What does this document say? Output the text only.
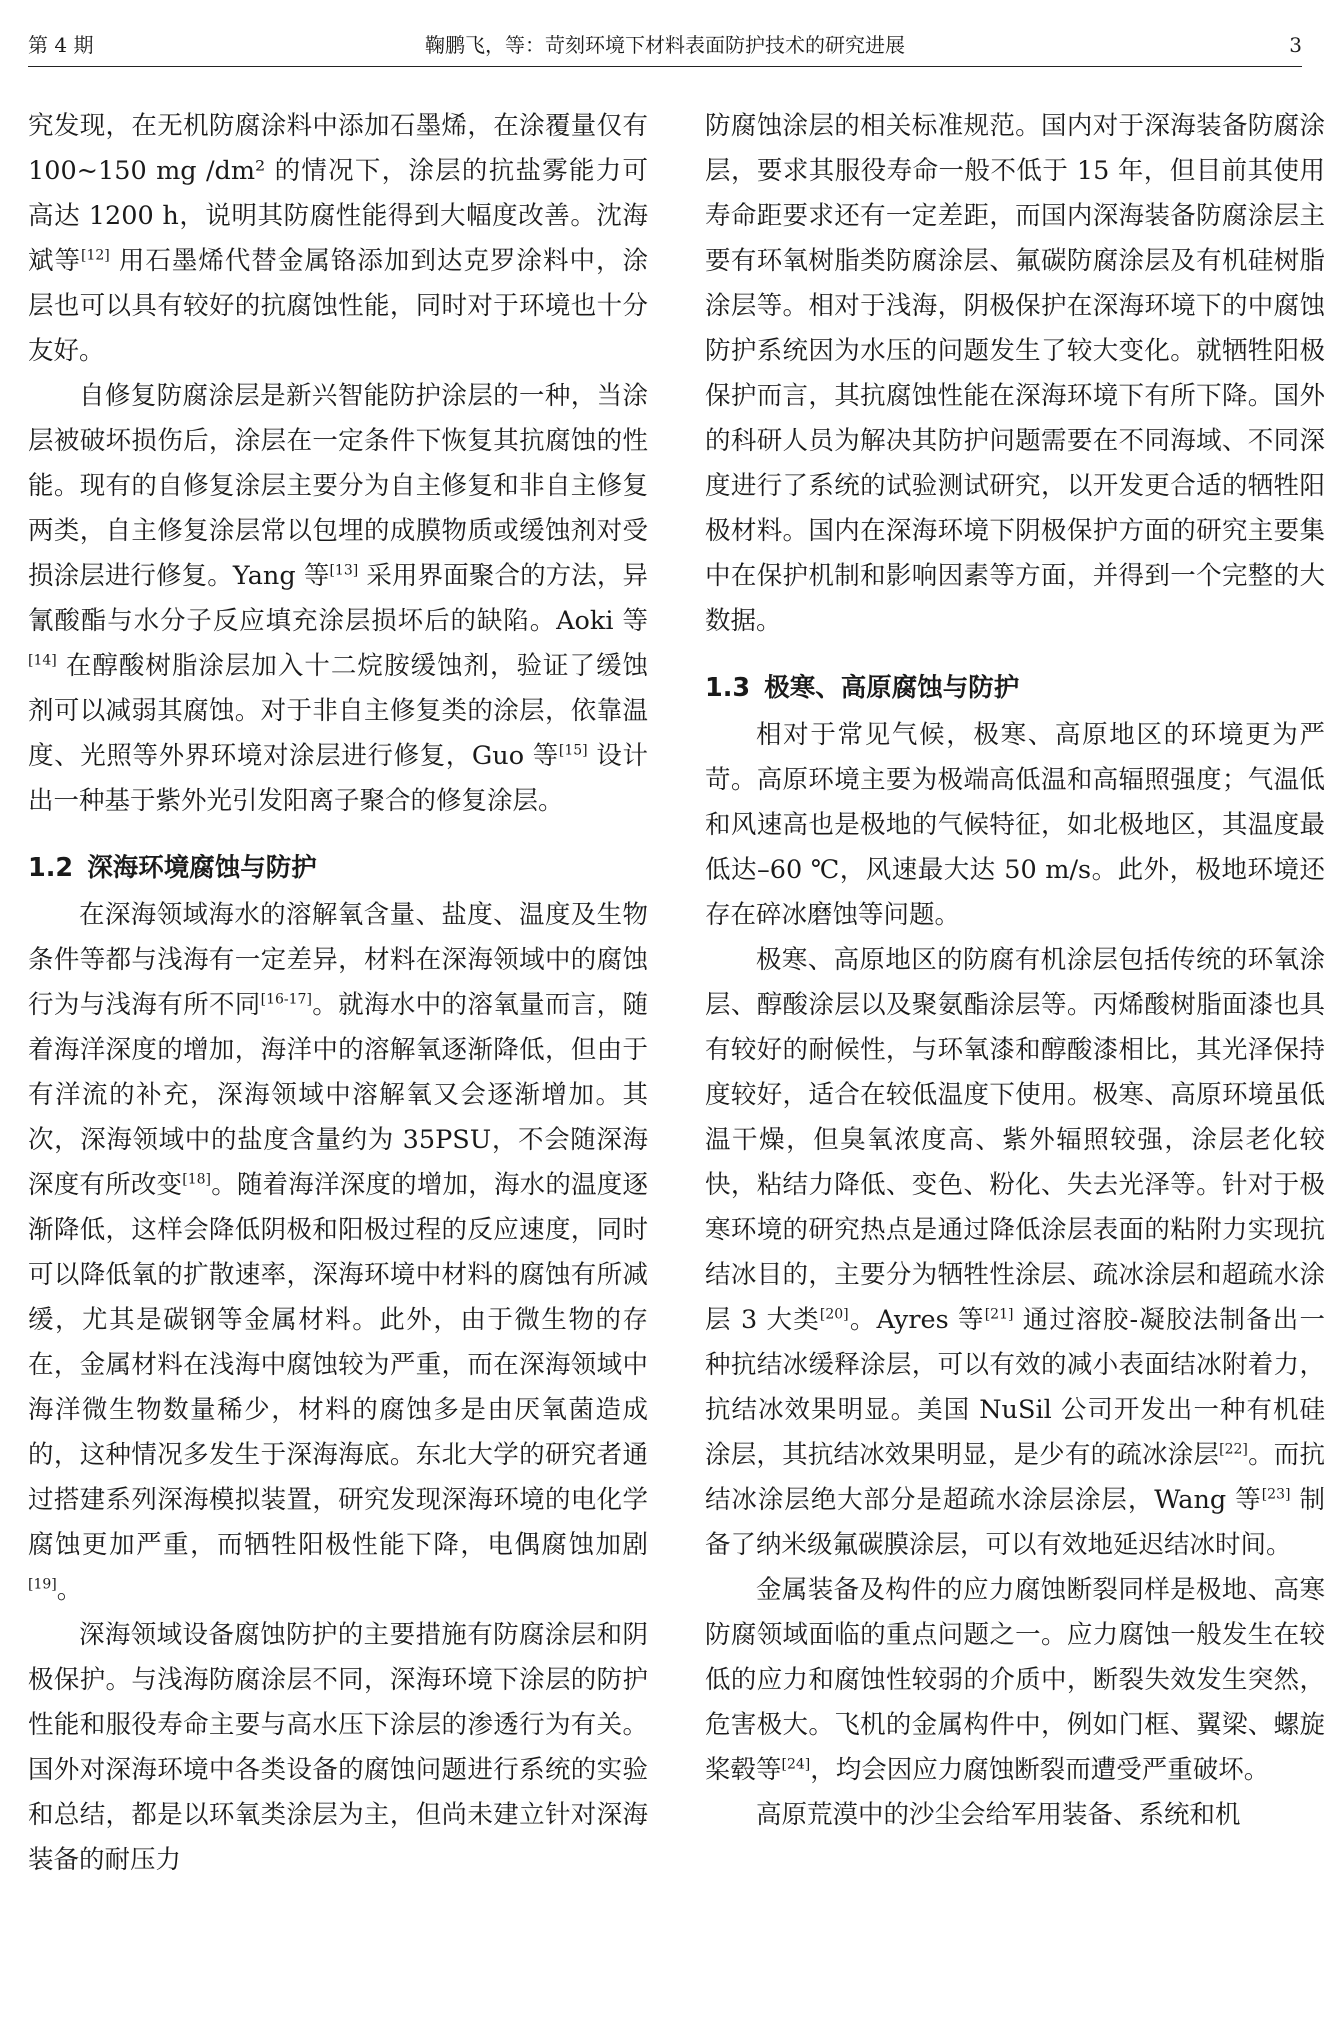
第 4 期	鞠鹏飞，等：苛刻环境下材料表面防护技术的研究进展	3

究发现，在无机防腐涂料中添加石墨烯，在涂覆量仅有 100~150 mg /dm² 的情况下，涂层的抗盐雾能力可高达 1200 h，说明其防腐性能得到大幅度改善。沈海斌等[12] 用石墨烯代替金属铬添加到达克罗涂料中，涂层也可以具有较好的抗腐蚀性能，同时对于环境也十分友好。

自修复防腐涂层是新兴智能防护涂层的一种，当涂层被破坏损伤后，涂层在一定条件下恢复其抗腐蚀的性能。现有的自修复涂层主要分为自主修复和非自主修复两类，自主修复涂层常以包埋的成膜物质或缓蚀剂对受损涂层进行修复。Yang 等[13] 采用界面聚合的方法，异氰酸酯与水分子反应填充涂层损坏后的缺陷。Aoki 等[14] 在醇酸树脂涂层加入十二烷胺缓蚀剂，验证了缓蚀剂可以减弱其腐蚀。对于非自主修复类的涂层，依靠温度、光照等外界环境对涂层进行修复，Guo 等[15] 设计出一种基于紫外光引发阳离子聚合的修复涂层。

1.2 深海环境腐蚀与防护

在深海领域海水的溶解氧含量、盐度、温度及生物条件等都与浅海有一定差异，材料在深海领域中的腐蚀行为与浅海有所不同[16-17]。就海水中的溶氧量而言，随着海洋深度的增加，海洋中的溶解氧逐渐降低，但由于有洋流的补充，深海领域中溶解氧又会逐渐增加。其次，深海领域中的盐度含量约为 35PSU，不会随深海深度有所改变[18]。随着海洋深度的增加，海水的温度逐渐降低，这样会降低阴极和阳极过程的反应速度，同时可以降低氧的扩散速率，深海环境中材料的腐蚀有所减缓，尤其是碳钢等金属材料。此外，由于微生物的存在，金属材料在浅海中腐蚀较为严重，而在深海领域中海洋微生物数量稀少，材料的腐蚀多是由厌氧菌造成的，这种情况多发生于深海海底。东北大学的研究者通过搭建系列深海模拟装置，研究发现深海环境的电化学腐蚀更加严重，而牺牲阳极性能下降，电偶腐蚀加剧[19]。

深海领域设备腐蚀防护的主要措施有防腐涂层和阴极保护。与浅海防腐涂层不同，深海环境下涂层的防护性能和服役寿命主要与高水压下涂层的渗透行为有关。国外对深海环境中各类设备的腐蚀问题进行系统的实验和总结，都是以环氧类涂层为主，但尚未建立针对深海装备的耐压力

防腐蚀涂层的相关标准规范。国内对于深海装备防腐涂层，要求其服役寿命一般不低于 15 年，但目前其使用寿命距要求还有一定差距，而国内深海装备防腐涂层主要有环氧树脂类防腐涂层、氟碳防腐涂层及有机硅树脂涂层等。相对于浅海，阴极保护在深海环境下的中腐蚀防护系统因为水压的问题发生了较大变化。就牺牲阳极保护而言，其抗腐蚀性能在深海环境下有所下降。国外的科研人员为解决其防护问题需要在不同海域、不同深度进行了系统的试验测试研究，以开发更合适的牺牲阳极材料。国内在深海环境下阴极保护方面的研究主要集中在保护机制和影响因素等方面，并得到一个完整的大数据。

1.3 极寒、高原腐蚀与防护

相对于常见气候，极寒、高原地区的环境更为严苛。高原环境主要为极端高低温和高辐照强度；气温低和风速高也是极地的气候特征，如北极地区，其温度最低达–60 ℃，风速最大达 50 m/s。此外，极地环境还存在碎冰磨蚀等问题。

极寒、高原地区的防腐有机涂层包括传统的环氧涂层、醇酸涂层以及聚氨酯涂层等。丙烯酸树脂面漆也具有较好的耐候性，与环氧漆和醇酸漆相比，其光泽保持度较好，适合在较低温度下使用。极寒、高原环境虽低温干燥，但臭氧浓度高、紫外辐照较强，涂层老化较快，粘结力降低、变色、粉化、失去光泽等。针对于极寒环境的研究热点是通过降低涂层表面的粘附力实现抗结冰目的，主要分为牺牲性涂层、疏冰涂层和超疏水涂层 3 大类[20]。Ayres 等[21] 通过溶胶-凝胶法制备出一种抗结冰缓释涂层，可以有效的减小表面结冰附着力，抗结冰效果明显。美国 NuSil 公司开发出一种有机硅涂层，其抗结冰效果明显，是少有的疏冰涂层[22]。而抗结冰涂层绝大部分是超疏水涂层涂层，Wang 等[23] 制备了纳米级氟碳膜涂层，可以有效地延迟结冰时间。

金属装备及构件的应力腐蚀断裂同样是极地、高寒防腐领域面临的重点问题之一。应力腐蚀一般发生在较低的应力和腐蚀性较弱的介质中，断裂失效发生突然，危害极大。飞机的金属构件中，例如门框、翼梁、螺旋桨毂等[24]，均会因应力腐蚀断裂而遭受严重破坏。

高原荒漠中的沙尘会给军用装备、系统和机
